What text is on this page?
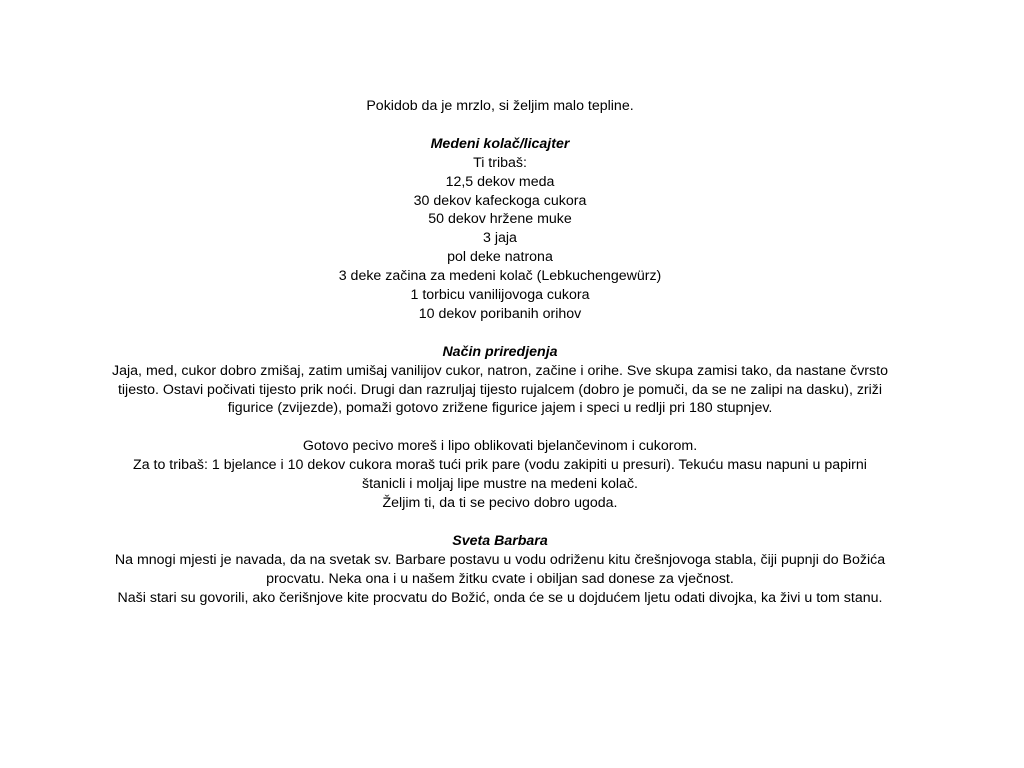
Pokidob da je mrzlo, si željim malo tepline.
Medeni kolač/licajter
Ti tribaš:
12,5 dekov meda
30 dekov kafeckoga cukora
50 dekov hržene muke
3 jaja
pol deke natrona
3 deke začina za medeni kolač (Lebkuchengewürz)
1 torbicu vanilijovoga cukora
10 dekov poribanih orihov
Način priredjenja
Jaja, med, cukor dobro zmišaj, zatim umišaj vanilijov cukor, natron, začine i orihe. Sve skupa zamisi tako, da nastane čvrsto tijesto. Ostavi počivati tijesto prik noći. Drugi dan razruljaj tijesto rujalcem (dobro je pomuči, da se ne zalipi na dasku), zriži figurice (zvijezde), pomaži gotovo zrižene figurice jajem i speci u redlji pri 180 stupnjev.
Gotovo pecivo moreš i lipo oblikovati bjelančevinom i cukorom.
Za to tribaš: 1 bjelance i 10 dekov cukora moraš tući prik pare (vodu zakipiti u presuri). Tekuću masu napuni u papirni štanicli i moljaj lipe mustre na medeni kolač.
Željim ti, da ti se pecivo dobro ugoda.
Sveta Barbara
Na mnogi mjesti je navada, da na svetak sv. Barbare postavu u vodu odriženu kitu črešnjovoga stabla, čiji pupnji do Božića procvatu. Neka ona i u našem žitku cvate i obiljan sad donese za vječnost.
Naši stari su govorili, ako čerišnjove kite procvatu do Božić, onda će se u dojdućem ljetu odati divojka, ka živi u tom stanu.
